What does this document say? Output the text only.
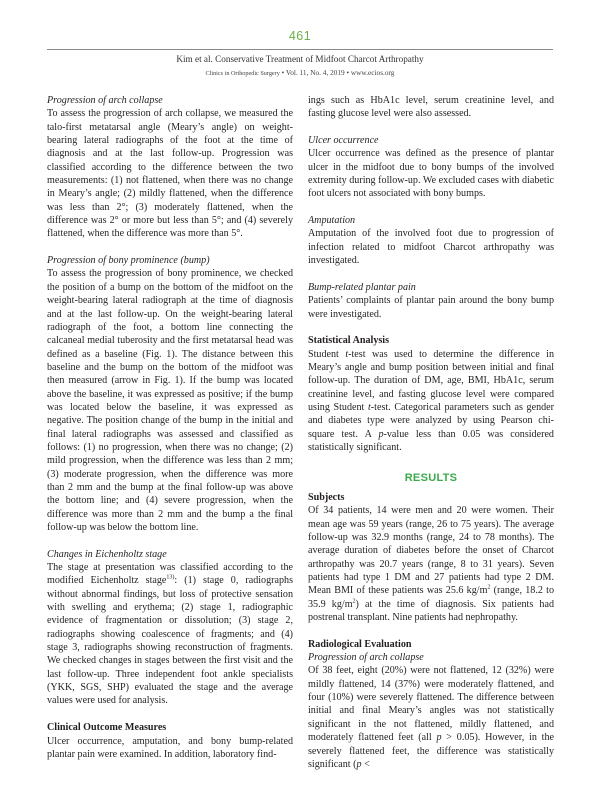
461
Kim et al. Conservative Treatment of Midfoot Charcot Arthropathy
Clinics in Orthopedic Surgery • Vol. 11, No. 4, 2019 • www.ecios.org

Progression of arch collapse

To assess the progression of arch collapse, we measured the talo-first metatarsal angle (Meary’s angle) on weight-bearing lateral radiographs of the foot at the time of diagnosis and at the last follow-up. Progression was classified according to the difference between the two measurements: (1) not flattened, when there was no change in Meary’s angle; (2) mildly flattened, when the difference was less than 2°; (3) moderately flattened, when the difference was 2° or more but less than 5°; and (4) severely flattened, when the difference was more than 5°.

Progression of bony prominence (bump)

To assess the progression of bony prominence, we checked the position of a bump on the bottom of the midfoot on the weight-bearing lateral radiograph at the time of diagnosis and at the last follow-up. On the weight-bearing lateral radiograph of the foot, a bottom line connecting the calcaneal medial tuberosity and the first metatarsal head was defined as a baseline (Fig. 1). The distance between this baseline and the bump on the bottom of the midfoot was then measured (arrow in Fig. 1). If the bump was located above the baseline, it was expressed as positive; if the bump was located below the baseline, it was expressed as negative. The position change of the bump in the initial and final lateral radiographs was assessed and classified as follows: (1) no progression, when there was no change; (2) mild progression, when the difference was less than 2 mm; (3) moderate progression, when the difference was more than 2 mm and the bump at the final follow-up was above the bottom line; and (4) severe progression, when the difference was more than 2 mm and the bump a the final follow-up was below the bottom line.

Changes in Eichenholtz stage

The stage at presentation was classified according to the modified Eichenholtz stage$^{13)}$: (1) stage 0, radiographs without abnormal findings, but loss of protective sensation with swelling and erythema; (2) stage 1, radiographic evidence of fragmentation or dissolution; (3) stage 2, radiographs showing coalescence of fragments; and (4) stage 3, radiographs showing reconstruction of fragments. We checked changes in stages between the first visit and the last follow-up. Three independent foot ankle specialists (YKK, SGS, SHP) evaluated the stage and the average values were used for analysis.

Clinical Outcome Measures

Ulcer occurrence, amputation, and bony bump-related plantar pain were examined. In addition, laboratory find-

ings such as HbA1c level, serum creatinine level, and fasting glucose level were also assessed.

Ulcer occurrence

Ulcer occurrence was defined as the presence of plantar ulcer in the midfoot due to bony bumps of the involved extremity during follow-up. We excluded cases with diabetic foot ulcers not associated with bony bumps.

Amputation

Amputation of the involved foot due to progression of infection related to midfoot Charcot arthropathy was investigated.

Bump-related plantar pain

Patients’ complaints of plantar pain around the bony bump were investigated.

Statistical Analysis

Student t-test was used to determine the difference in Meary’s angle and bump position between initial and final follow-up. The duration of DM, age, BMI, HbA1c, serum creatinine level, and fasting glucose level were compared using Student t-test. Categorical parameters such as gender and diabetes type were analyzed by using Pearson chi-square test. A p-value less than 0.05 was considered statistically significant.

RESULTS

Subjects

Of 34 patients, 14 were men and 20 were women. Their mean age was 59 years (range, 26 to 75 years). The average follow-up was 32.9 months (range, 24 to 78 months). The average duration of diabetes before the onset of Charcot arthropathy was 20.7 years (range, 8 to 31 years). Seven patients had type 1 DM and 27 patients had type 2 DM. Mean BMI of these patients was 25.6 $kg/m^2$ (range, 18.2 to 35.9 $kg/m^2$) at the time of diagnosis. Six patients had postrenal transplant. Nine patients had nephropathy.

Radiological Evaluation

Progression of arch collapse

Of 38 feet, eight (20%) were not flattened, 12 (32%) were mildly flattened, 14 (37%) were moderately flattened, and four (10%) were severely flattened. The difference between initial and final Meary’s angles was not statistically significant in the not flattened, mildly flattened, and moderately flattened feet (all p > 0.05). However, in the severely flattened feet, the difference was statistically significant (p <
